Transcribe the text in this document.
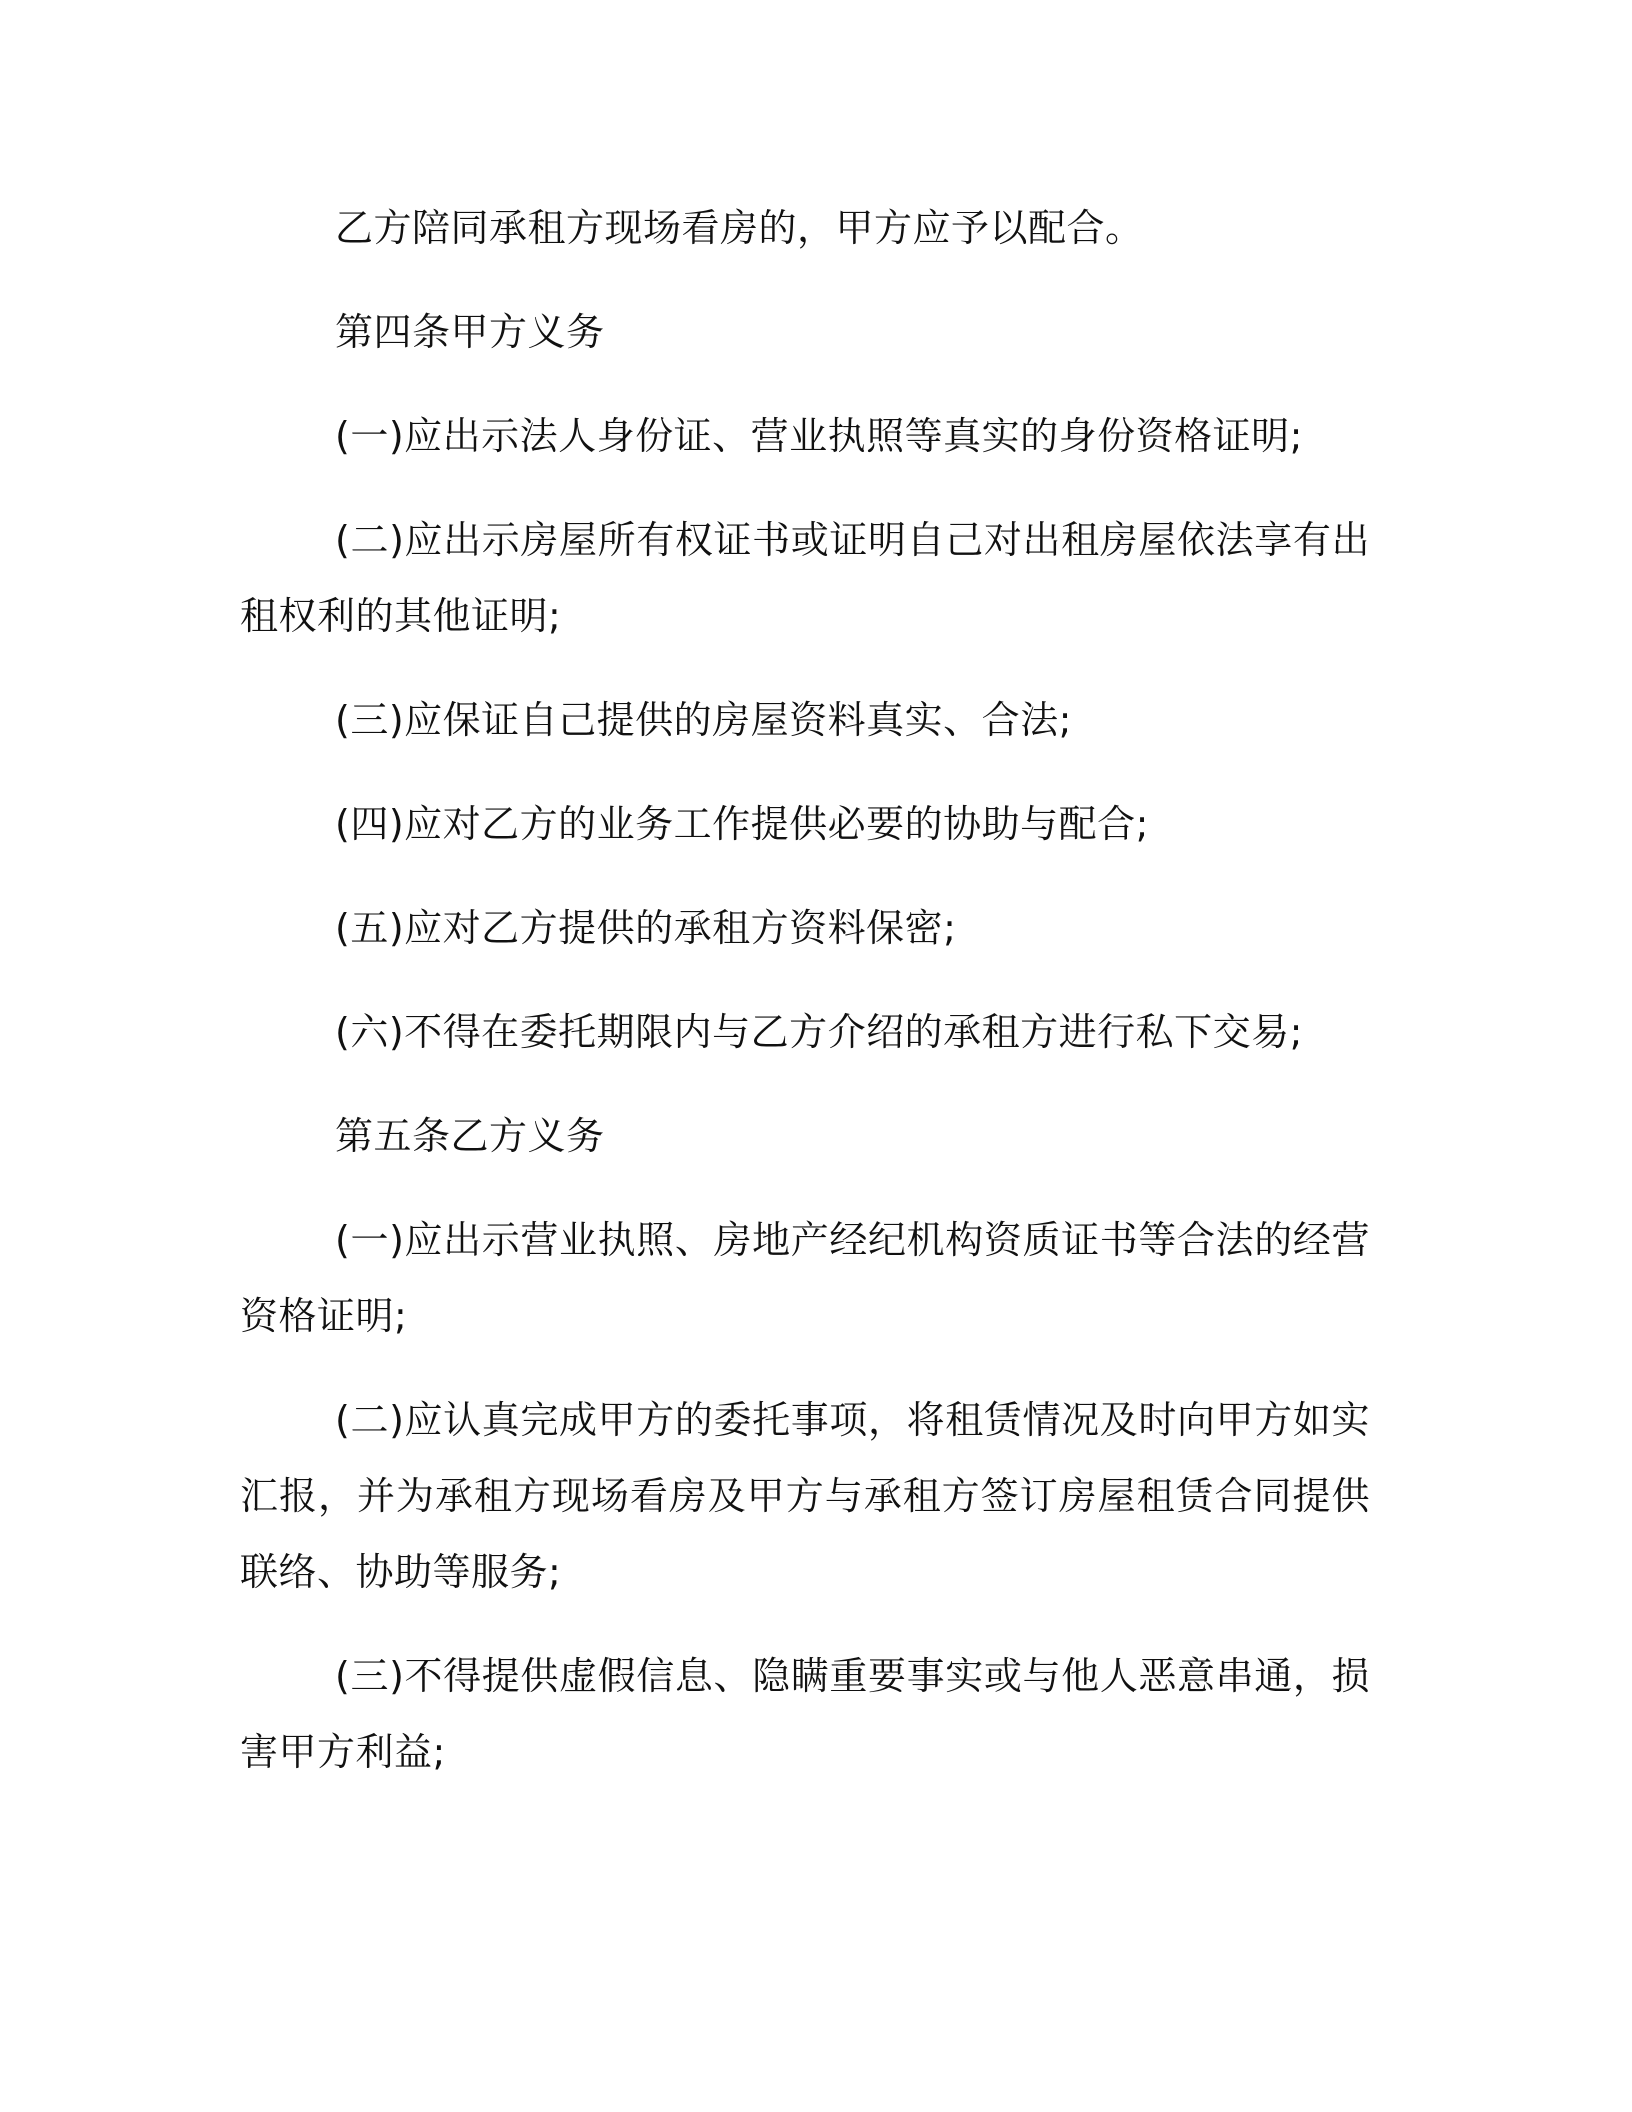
乙方陪同承租方现场看房的，甲方应予以配合。

第四条甲方义务

(一)应出示法人身份证、营业执照等真实的身份资格证明;

(二)应出示房屋所有权证书或证明自己对出租房屋依法享有出租权利的其他证明;

(三)应保证自己提供的房屋资料真实、合法;

(四)应对乙方的业务工作提供必要的协助与配合;

(五)应对乙方提供的承租方资料保密;

(六)不得在委托期限内与乙方介绍的承租方进行私下交易;

第五条乙方义务

(一)应出示营业执照、房地产经纪机构资质证书等合法的经营资格证明;

(二)应认真完成甲方的委托事项，将租赁情况及时向甲方如实汇报，并为承租方现场看房及甲方与承租方签订房屋租赁合同提供联络、协助等服务;

(三)不得提供虚假信息、隐瞒重要事实或与他人恶意串通，损害甲方利益;
